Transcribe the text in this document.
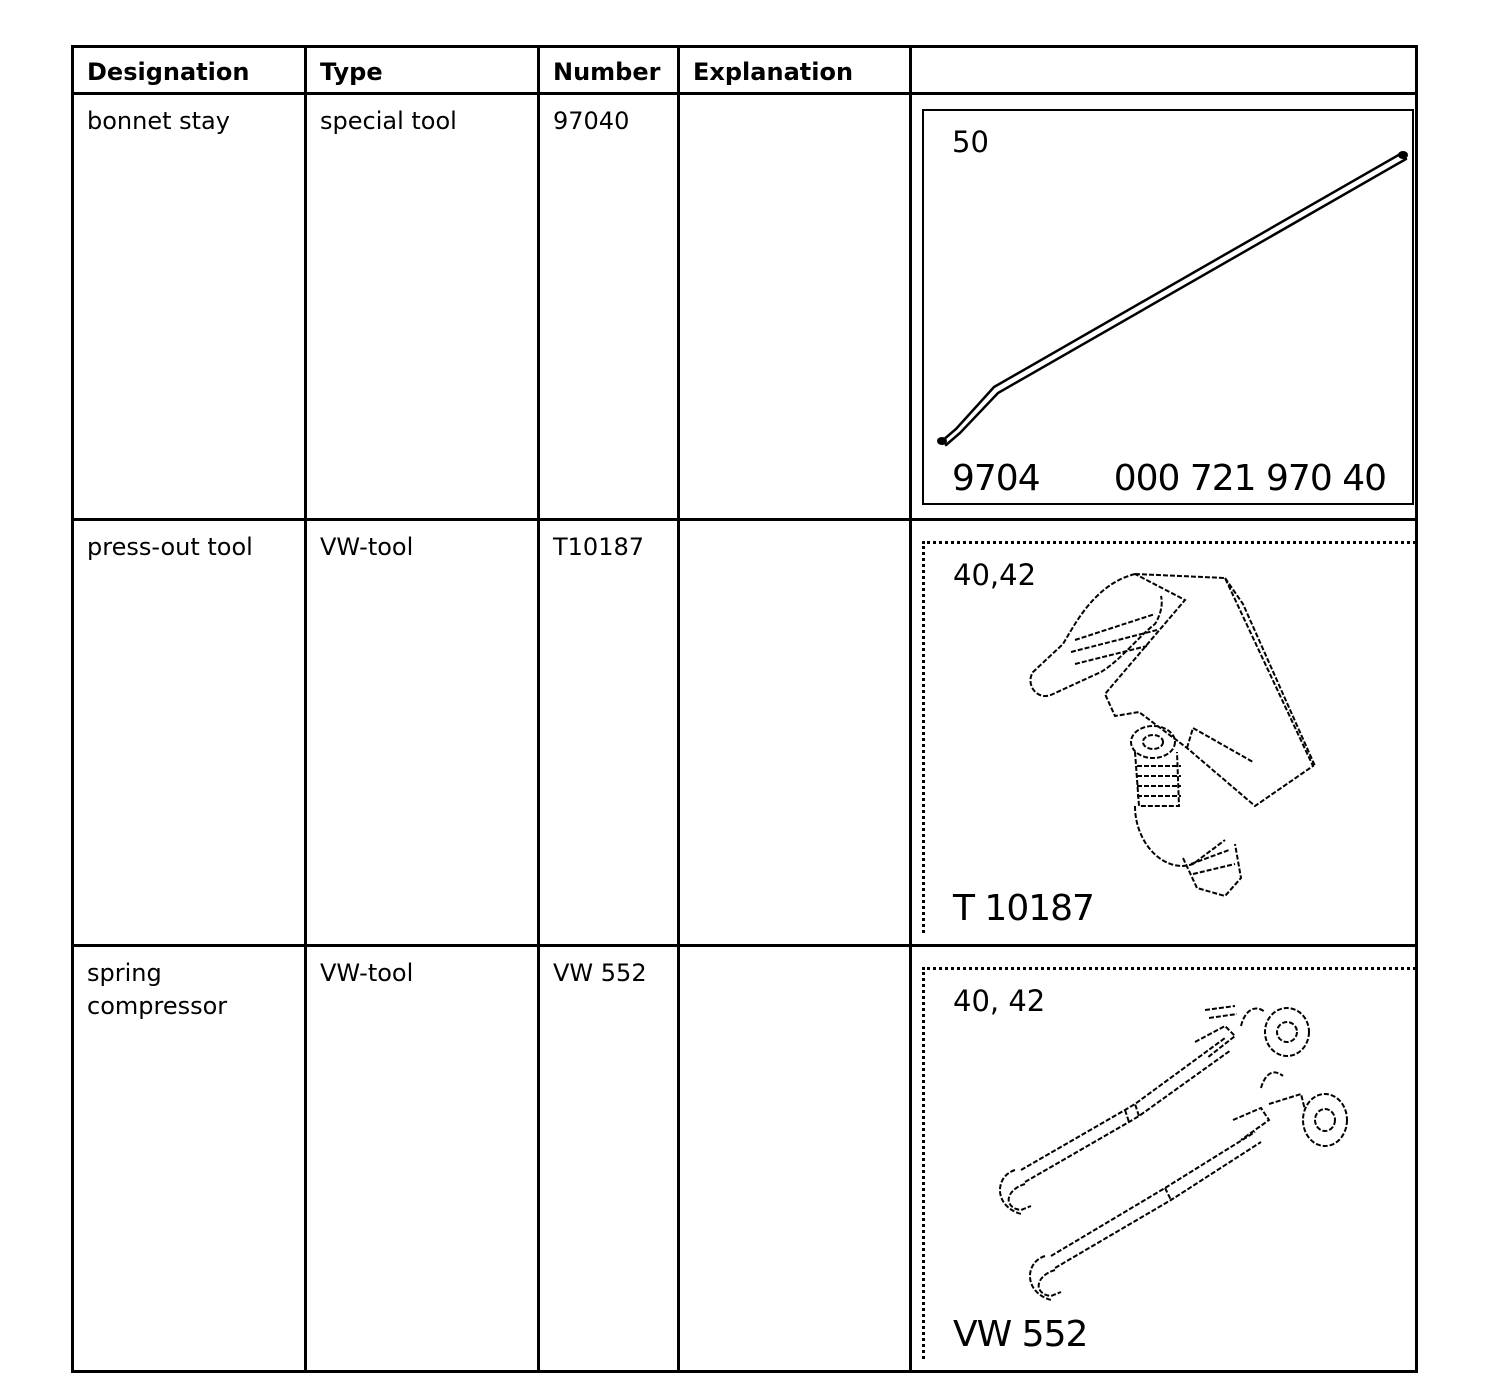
Designation	Type	Number	Explanation	
bonnet stay	special tool	97040		50
9704 000 721 970 40

press-out tool	VW-tool	T10187		40,42
T 10187

spring compressor	VW-tool	VW 552		40, 42
VW 552
